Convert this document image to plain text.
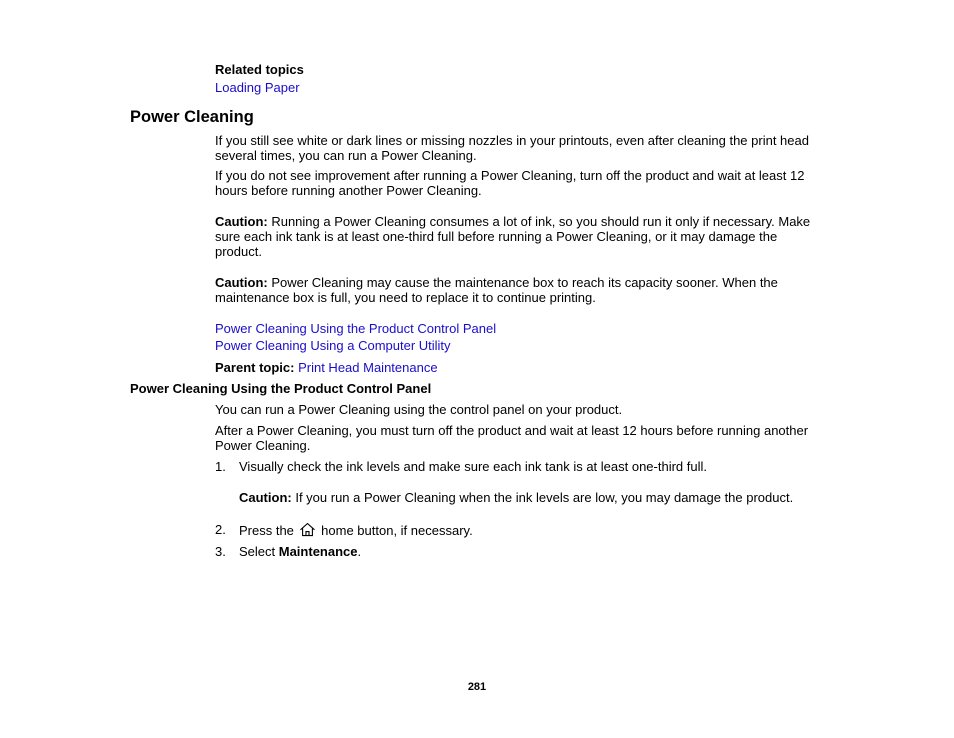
Related topics
Loading Paper
Power Cleaning
If you still see white or dark lines or missing nozzles in your printouts, even after cleaning the print head
several times, you can run a Power Cleaning.
If you do not see improvement after running a Power Cleaning, turn off the product and wait at least 12
hours before running another Power Cleaning.
Caution: Running a Power Cleaning consumes a lot of ink, so you should run it only if necessary. Make
sure each ink tank is at least one-third full before running a Power Cleaning, or it may damage the
product.
Caution: Power Cleaning may cause the maintenance box to reach its capacity sooner. When the
maintenance box is full, you need to replace it to continue printing.
Power Cleaning Using the Product Control Panel
Power Cleaning Using a Computer Utility
Parent topic: Print Head Maintenance
Power Cleaning Using the Product Control Panel
You can run a Power Cleaning using the control panel on your product.
After a Power Cleaning, you must turn off the product and wait at least 12 hours before running another
Power Cleaning.
1. Visually check the ink levels and make sure each ink tank is at least one-third full.
Caution: If you run a Power Cleaning when the ink levels are low, you may damage the product.
2. Press the home button, if necessary.
3. Select Maintenance.
281
